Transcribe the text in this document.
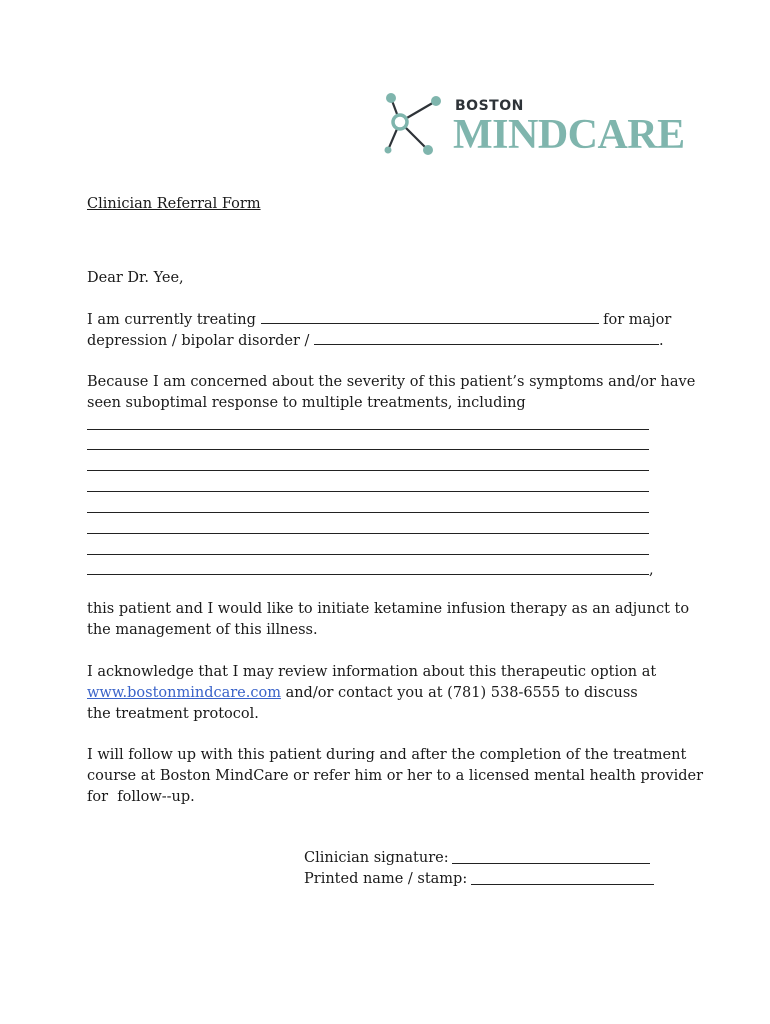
BOSTON
MINDCARE

Clinician Referral Form

Dear Dr. Yee,

I am currently treating	for major

depression / bipolar disorder /	.

Because I am concerned about the severity of this patient’s symptoms and/or have

seen suboptimal response to multiple treatments, including

,

this patient and I would like to initiate ketamine infusion therapy as an adjunct to

the management of this illness.

I acknowledge that I may review information about this therapeutic option at

www.bostonmindcare.com and/or contact you at (781) 538-6555 to discuss

the treatment protocol.

I will follow up with this patient during and after the completion of the treatment

course at Boston MindCare or refer him or her to a licensed mental health provider

for  follow--up.

Clinician signature:
Printed name / stamp:
